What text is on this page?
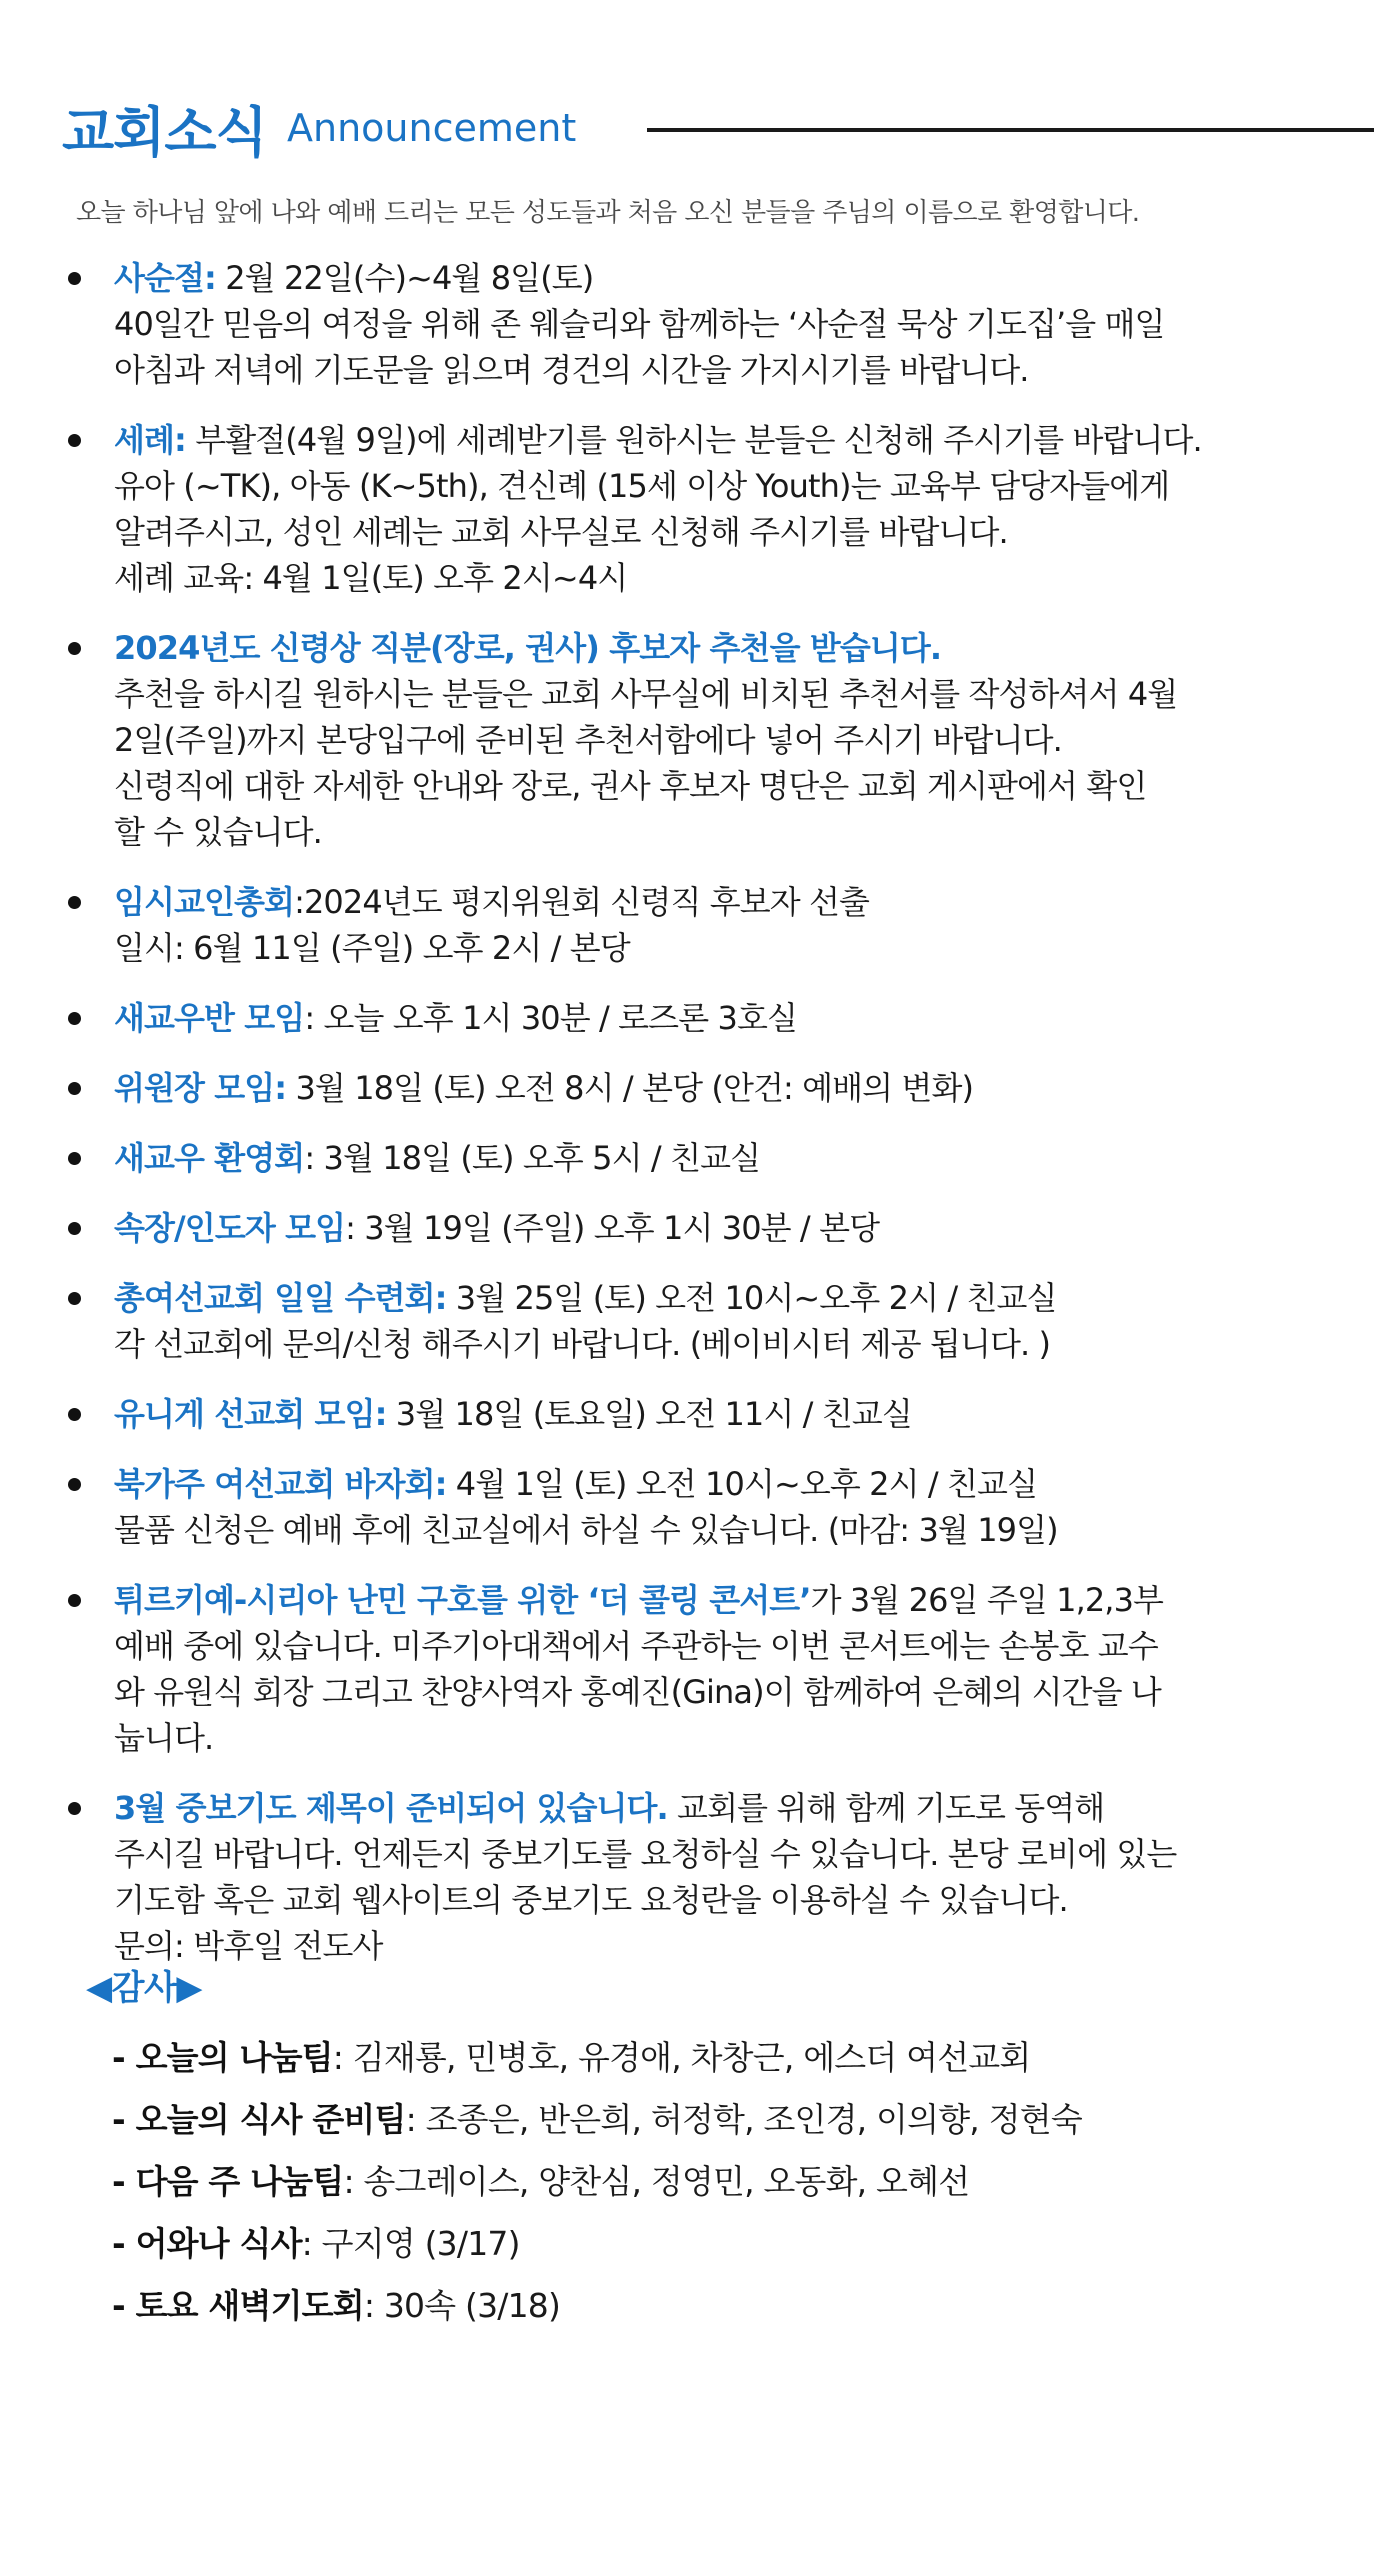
교회소식 Announcement
오늘 하나님 앞에 나와 예배 드리는 모든 성도들과 처음 오신 분들을 주님의 이름으로 환영합니다.
사순절: 2월 22일(수)~4월 8일(토)
40일간 믿음의 여정을 위해 존 웨슬리와 함께하는 ‘사순절 묵상 기도집’을 매일
아침과 저녁에 기도문을 읽으며 경건의 시간을 가지시기를 바랍니다.
세례: 부활절(4월 9일)에 세례받기를 원하시는 분들은 신청해 주시기를 바랍니다.
유아 (~TK), 아동 (K~5th), 견신례 (15세 이상 Youth)는 교육부 담당자들에게
알려주시고, 성인 세례는 교회 사무실로 신청해 주시기를 바랍니다.
세례 교육: 4월 1일(토) 오후 2시~4시
2024년도 신령상 직분(장로, 권사) 후보자 추천을 받습니다.
추천을 하시길 원하시는 분들은 교회 사무실에 비치된 추천서를 작성하셔서 4월
2일(주일)까지 본당입구에 준비된 추천서함에다 넣어 주시기 바랍니다.
신령직에 대한 자세한 안내와 장로, 권사 후보자 명단은 교회 게시판에서 확인
할 수 있습니다.
임시교인총회:2024년도 평지위원회 신령직 후보자 선출
일시: 6월 11일 (주일) 오후 2시 / 본당
새교우반 모임: 오늘 오후 1시 30분 / 로즈론 3호실
위원장 모임: 3월 18일 (토) 오전 8시 / 본당 (안건: 예배의 변화)
새교우 환영회: 3월 18일 (토) 오후 5시 / 친교실
속장/인도자 모임: 3월 19일 (주일) 오후 1시 30분 / 본당
총여선교회 일일 수련회: 3월 25일 (토) 오전 10시~오후 2시 / 친교실
각 선교회에 문의/신청 해주시기 바랍니다. (베이비시터 제공 됩니다. )
유니게 선교회 모임: 3월 18일 (토요일) 오전 11시 / 친교실
북가주 여선교회 바자회: 4월 1일 (토) 오전 10시~오후 2시 / 친교실
물품 신청은 예배 후에 친교실에서 하실 수 있습니다. (마감: 3월 19일)
튀르키예-시리아 난민 구호를 위한 ‘더 콜링 콘서트’가 3월 26일 주일 1,2,3부
예배 중에 있습니다. 미주기아대책에서 주관하는 이번 콘서트에는 손봉호 교수
와 유원식 회장 그리고 찬양사역자 홍예진(Gina)이 함께하여 은혜의 시간을 나
눕니다.
3월 중보기도 제목이 준비되어 있습니다. 교회를 위해 함께 기도로 동역해
주시길 바랍니다. 언제든지 중보기도를 요청하실 수 있습니다. 본당 로비에 있는
기도함 혹은 교회 웹사이트의 중보기도 요청란을 이용하실 수 있습니다.
문의: 박후일 전도사
◀감사▶
- 오늘의 나눔팀: 김재룡, 민병호, 유경애, 차창근, 에스더 여선교회
- 오늘의 식사 준비팀: 조종은, 반은희, 허정학, 조인경, 이의향, 정현숙
- 다음 주 나눔팀: 송그레이스, 양찬심, 정영민, 오동화, 오혜선
- 어와나 식사: 구지영 (3/17)
- 토요 새벽기도회: 30속 (3/18)
